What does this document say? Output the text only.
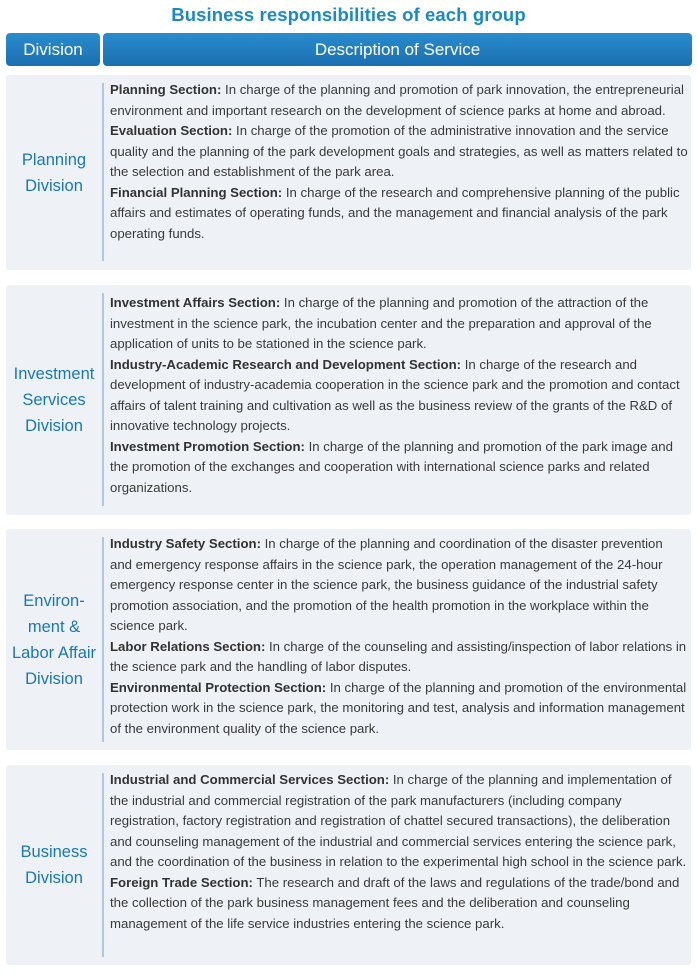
Business responsibilities of each group
Division	Description of Service
Planning Division

Planning Section: In charge of the planning and promotion of park innovation, the entrepreneurial environment and important research on the development of science parks at home and abroad.

Evaluation Section: In charge of the promotion of the administrative innovation and the service quality and the planning of the park development goals and strategies, as well as matters related to the selection and establishment of the park area.

Financial Planning Section: In charge of the research and comprehensive planning of the public affairs and estimates of operating funds, and the management and financial analysis of the park operating funds.

Investment Services Division

Investment Affairs Section: In charge of the planning and promotion of the attraction of the investment in the science park, the incubation center and the preparation and approval of the application of units to be stationed in the science park.

Industry-Academic Research and Development Section: In charge of the research and development of industry-academia cooperation in the science park and the promotion and contact affairs of talent training and cultivation as well as the business review of the grants of the R&D of innovative technology projects.

Investment Promotion Section: In charge of the planning and promotion of the park image and the promotion of the exchanges and cooperation with international science parks and related organizations.

Environ-ment & Labor Affair Division

Industry Safety Section: In charge of the planning and coordination of the disaster prevention and emergency response affairs in the science park, the operation management of the 24-hour emergency response center in the science park, the business guidance of the industrial safety promotion association, and the promotion of the health promotion in the workplace within the science park.

Labor Relations Section: In charge of the counseling and assisting/inspection of labor relations in the science park and the handling of labor disputes.

Environmental Protection Section: In charge of the planning and promotion of the environmental protection work in the science park, the monitoring and test, analysis and information management of the environment quality of the science park.

Business Division

Industrial and Commercial Services Section: In charge of the planning and implementation of the industrial and commercial registration of the park manufacturers (including company registration, factory registration and registration of chattel secured transactions), the deliberation and counseling management of the industrial and commercial services entering the science park, and the coordination of the business in relation to the experimental high school in the science park.

Foreign Trade Section: The research and draft of the laws and regulations of the trade/bond and the collection of the park business management fees and the deliberation and counseling management of the life service industries entering the science park.
